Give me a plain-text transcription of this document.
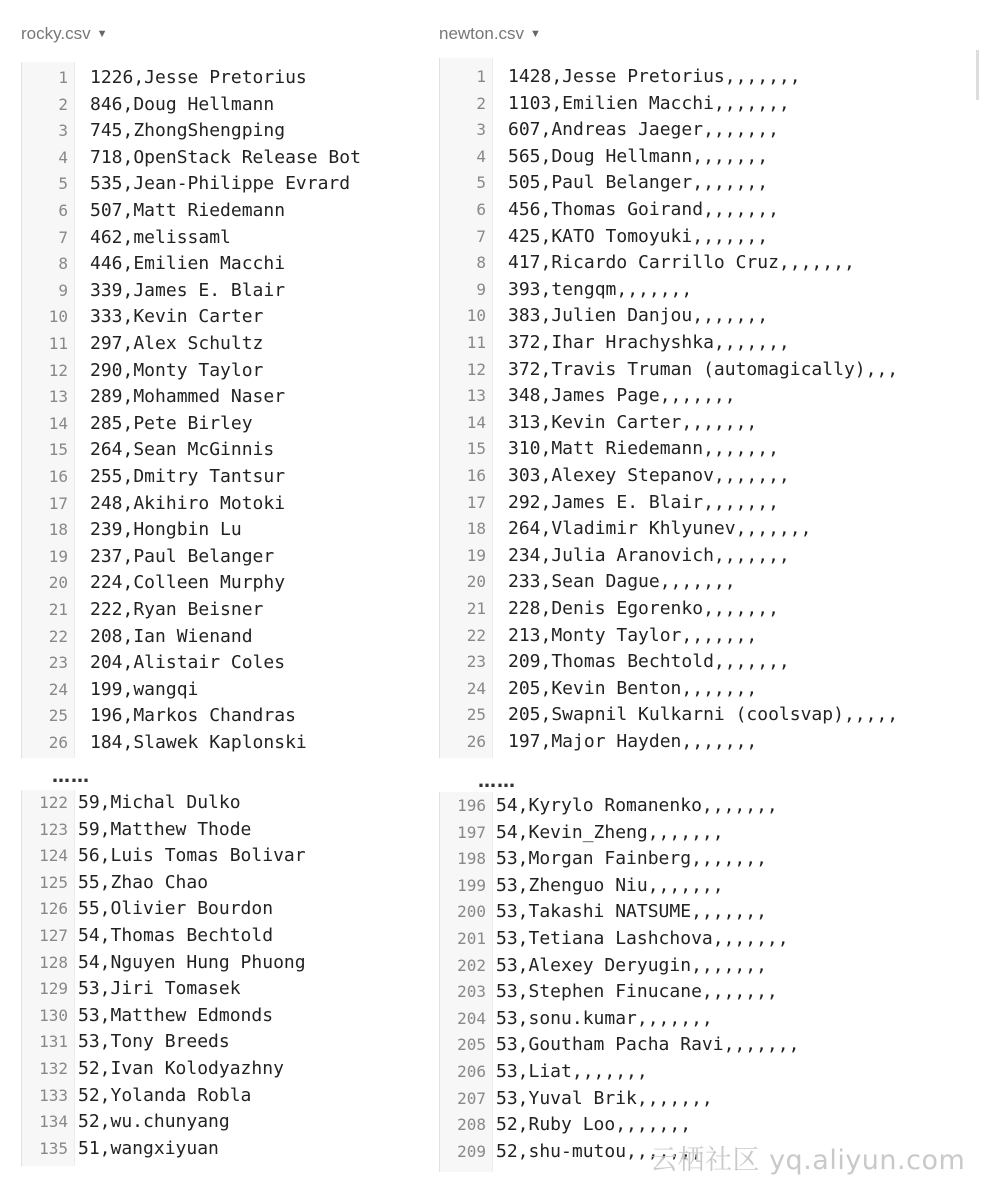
rocky.csv ▼	newton.csv ▼
1 1226,Jesse Pretorius
2 846,Doug Hellmann
3 745,ZhongShengping
4 718,OpenStack Release Bot
5 535,Jean-Philippe Evrard
6 507,Matt Riedemann
7 462,melissaml
8 446,Emilien Macchi
9 339,James E. Blair
10 333,Kevin Carter
11 297,Alex Schultz
12 290,Monty Taylor
13 289,Mohammed Naser
14 285,Pete Birley
15 264,Sean McGinnis
16 255,Dmitry Tantsur
17 248,Akihiro Motoki
18 239,Hongbin Lu
19 237,Paul Belanger
20 224,Colleen Murphy
21 222,Ryan Beisner
22 208,Ian Wienand
23 204,Alistair Coles
24 199,wangqi
25 196,Markos Chandras
26 184,Slawek Kaplonski
……
122 59,Michal Dulko
123 59,Matthew Thode
124 56,Luis Tomas Bolivar
125 55,Zhao Chao
126 55,Olivier Bourdon
127 54,Thomas Bechtold
128 54,Nguyen Hung Phuong
129 53,Jiri Tomasek
130 53,Matthew Edmonds
131 53,Tony Breeds
132 52,Ivan Kolodyazhny
133 52,Yolanda Robla
134 52,wu.chunyang
135 51,wangxiyuan
1 1428,Jesse Pretorius,,,,,,,
2 1103,Emilien Macchi,,,,,,,
3 607,Andreas Jaeger,,,,,,,
4 565,Doug Hellmann,,,,,,,
5 505,Paul Belanger,,,,,,,
6 456,Thomas Goirand,,,,,,,
7 425,KATO Tomoyuki,,,,,,,
8 417,Ricardo Carrillo Cruz,,,,,,,
9 393,tengqm,,,,,,,
10 383,Julien Danjou,,,,,,,
11 372,Ihar Hrachyshka,,,,,,,
12 372,Travis Truman (automagically),,,
13 348,James Page,,,,,,,
14 313,Kevin Carter,,,,,,,
15 310,Matt Riedemann,,,,,,,
16 303,Alexey Stepanov,,,,,,,
17 292,James E. Blair,,,,,,,
18 264,Vladimir Khlyunev,,,,,,,
19 234,Julia Aranovich,,,,,,,
20 233,Sean Dague,,,,,,,
21 228,Denis Egorenko,,,,,,,
22 213,Monty Taylor,,,,,,,
23 209,Thomas Bechtold,,,,,,,
24 205,Kevin Benton,,,,,,,
25 205,Swapnil Kulkarni (coolsvap),,,,,
26 197,Major Hayden,,,,,,,
……
196 54,Kyrylo Romanenko,,,,,,,
197 54,Kevin_Zheng,,,,,,,
198 53,Morgan Fainberg,,,,,,,
199 53,Zhenguo Niu,,,,,,,
200 53,Takashi NATSUME,,,,,,,
201 53,Tetiana Lashchova,,,,,,,
202 53,Alexey Deryugin,,,,,,,
203 53,Stephen Finucane,,,,,,,
204 53,sonu.kumar,,,,,,,
205 53,Goutham Pacha Ravi,,,,,,,
206 53,Liat,,,,,,,
207 53,Yuval Brik,,,,,,,
208 52,Ruby Loo,,,,,,,
209 52,shu-mutou,,,,,,,
云栖社区 yq.aliyun.com
